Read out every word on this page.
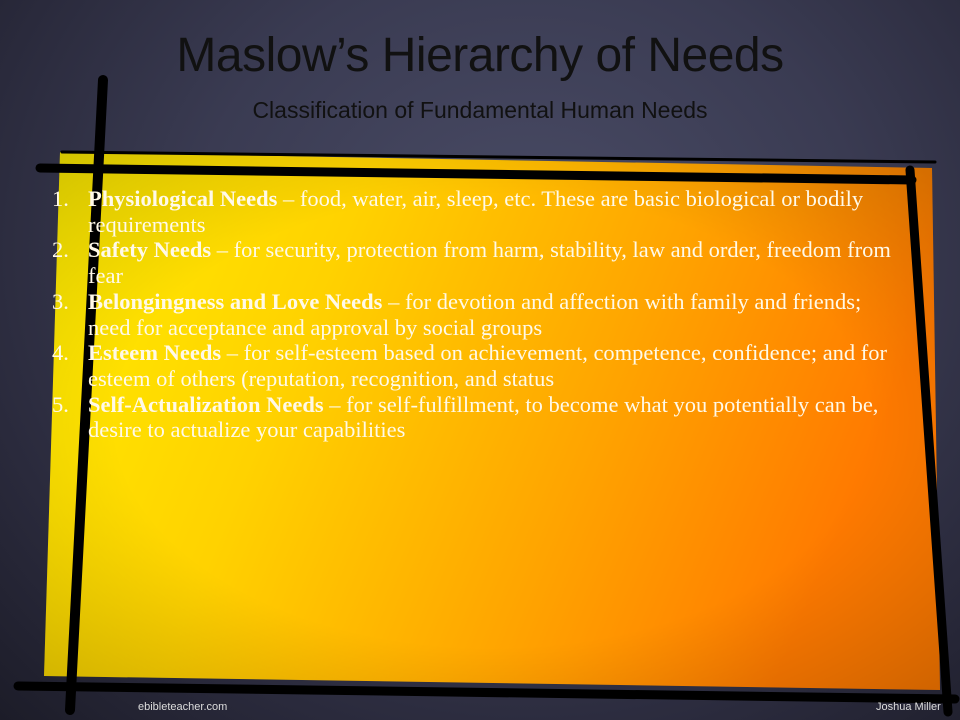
Maslow’s Hierarchy of Needs
Classification of Fundamental Human Needs
1. Physiological Needs – food, water, air, sleep, etc. These are basic biological or bodily requirements
2. Safety Needs – for security, protection from harm, stability, law and order, freedom from fear
3. Belongingness and Love Needs – for devotion and affection with family and friends; need for acceptance and approval by social groups
4. Esteem Needs – for self-esteem based on achievement, competence, confidence; and for esteem of others (reputation, recognition, and status
5. Self-Actualization Needs – for self-fulfillment, to become what you potentially can be, desire to actualize your capabilities
ebibleteacher.com	Joshua Miller
